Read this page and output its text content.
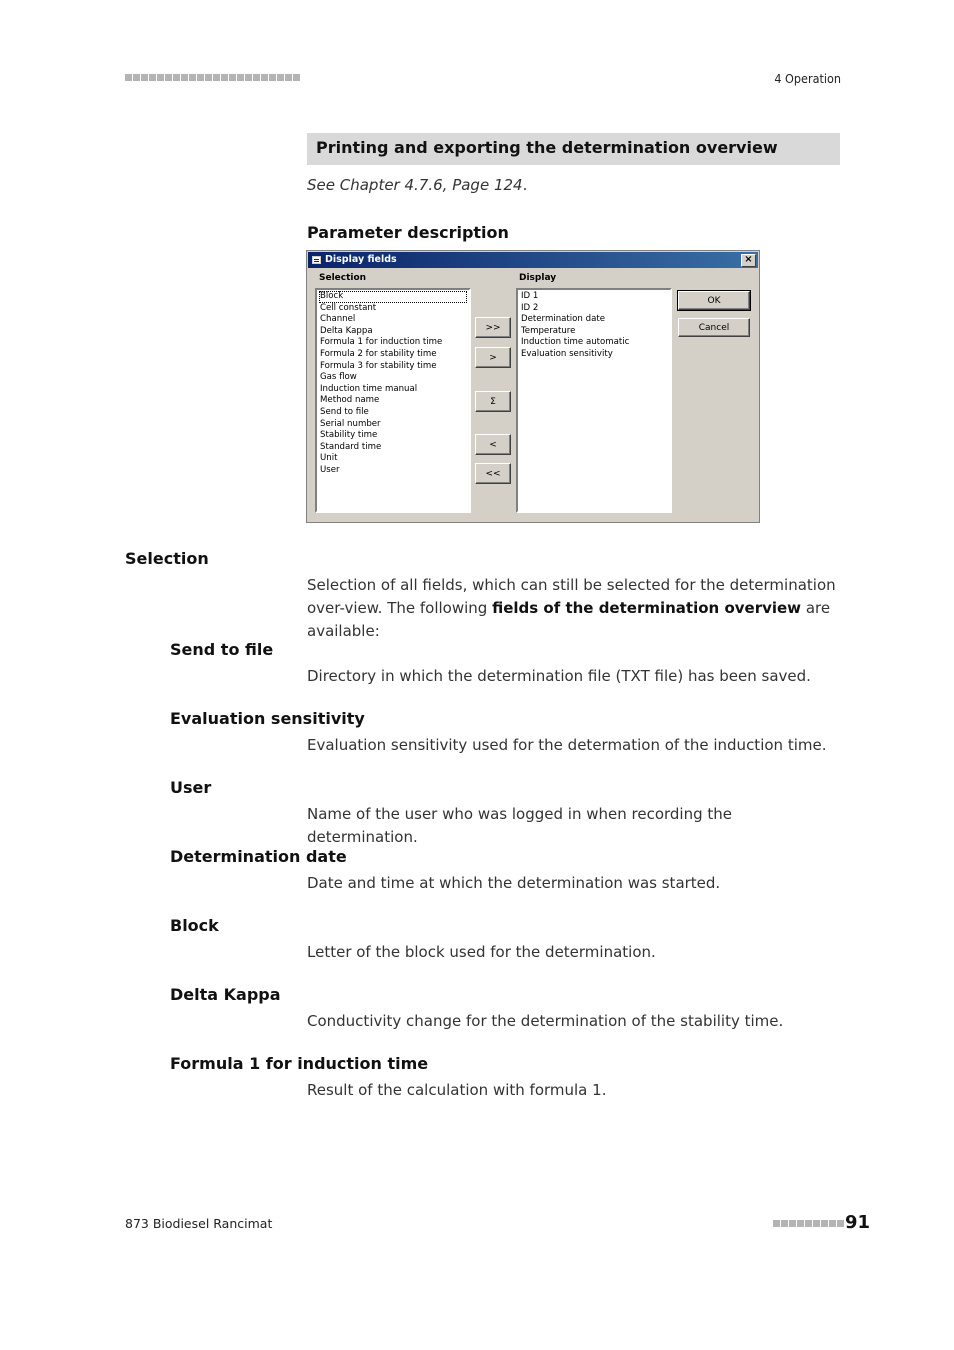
4 Operation
Printing and exporting the determination overview
See Chapter 4.7.6, Page 124.
Parameter description
Display fields	×
Selection	Display
Block
Cell constant
Channel
Delta Kappa
Formula 1 for induction time
Formula 2 for stability time
Formula 3 for stability time
Gas flow
Induction time manual
Method name
Send to file
Serial number
Stability time
Standard time
Unit
User
ID 1
ID 2
Determination date
Temperature
Induction time automatic
Evaluation sensitivity
>>
>
Σ
<
<<
OK
Cancel
Selection
Selection of all fields, which can still be selected for the determination over-view. The following fields of the determination overview are available:
Send to file
Directory in which the determination file (TXT file) has been saved.
Evaluation sensitivity
Evaluation sensitivity used for the determation of the induction time.
User
Name of the user who was logged in when recording the determination.
Determination date
Date and time at which the determination was started.
Block
Letter of the block used for the determination.
Delta Kappa
Conductivity change for the determination of the stability time.
Formula 1 for induction time
Result of the calculation with formula 1.
873 Biodiesel Rancimat	91
